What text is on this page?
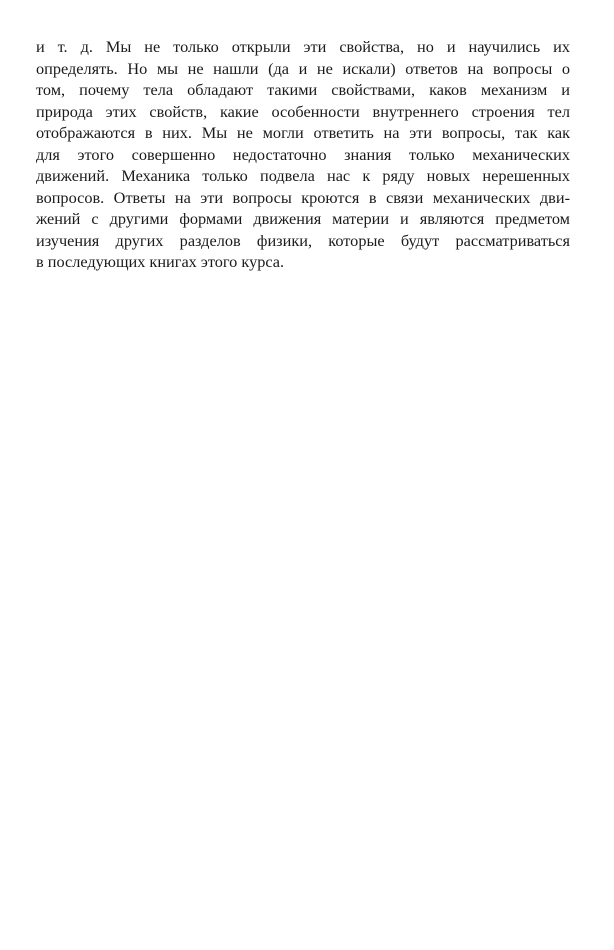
и т. д. Мы не только открыли эти свойства, но и научились их
определять. Но мы не нашли (да и не искали) ответов на вопросы о
том, почему тела обладают такими свойствами, каков механизм и
природа этих свойств, какие особенности внутреннего строения тел
отображаются в них. Мы не могли ответить на эти вопросы, так как
для этого совершенно недостаточно знания только механических
движений. Механика только подвела нас к ряду новых нерешенных
вопросов. Ответы на эти вопросы кроются в связи механических дви-
жений с другими формами движения материи и являются предметом
изучения других разделов физики, которые будут рассматриваться
в последующих книгах этого курса.
